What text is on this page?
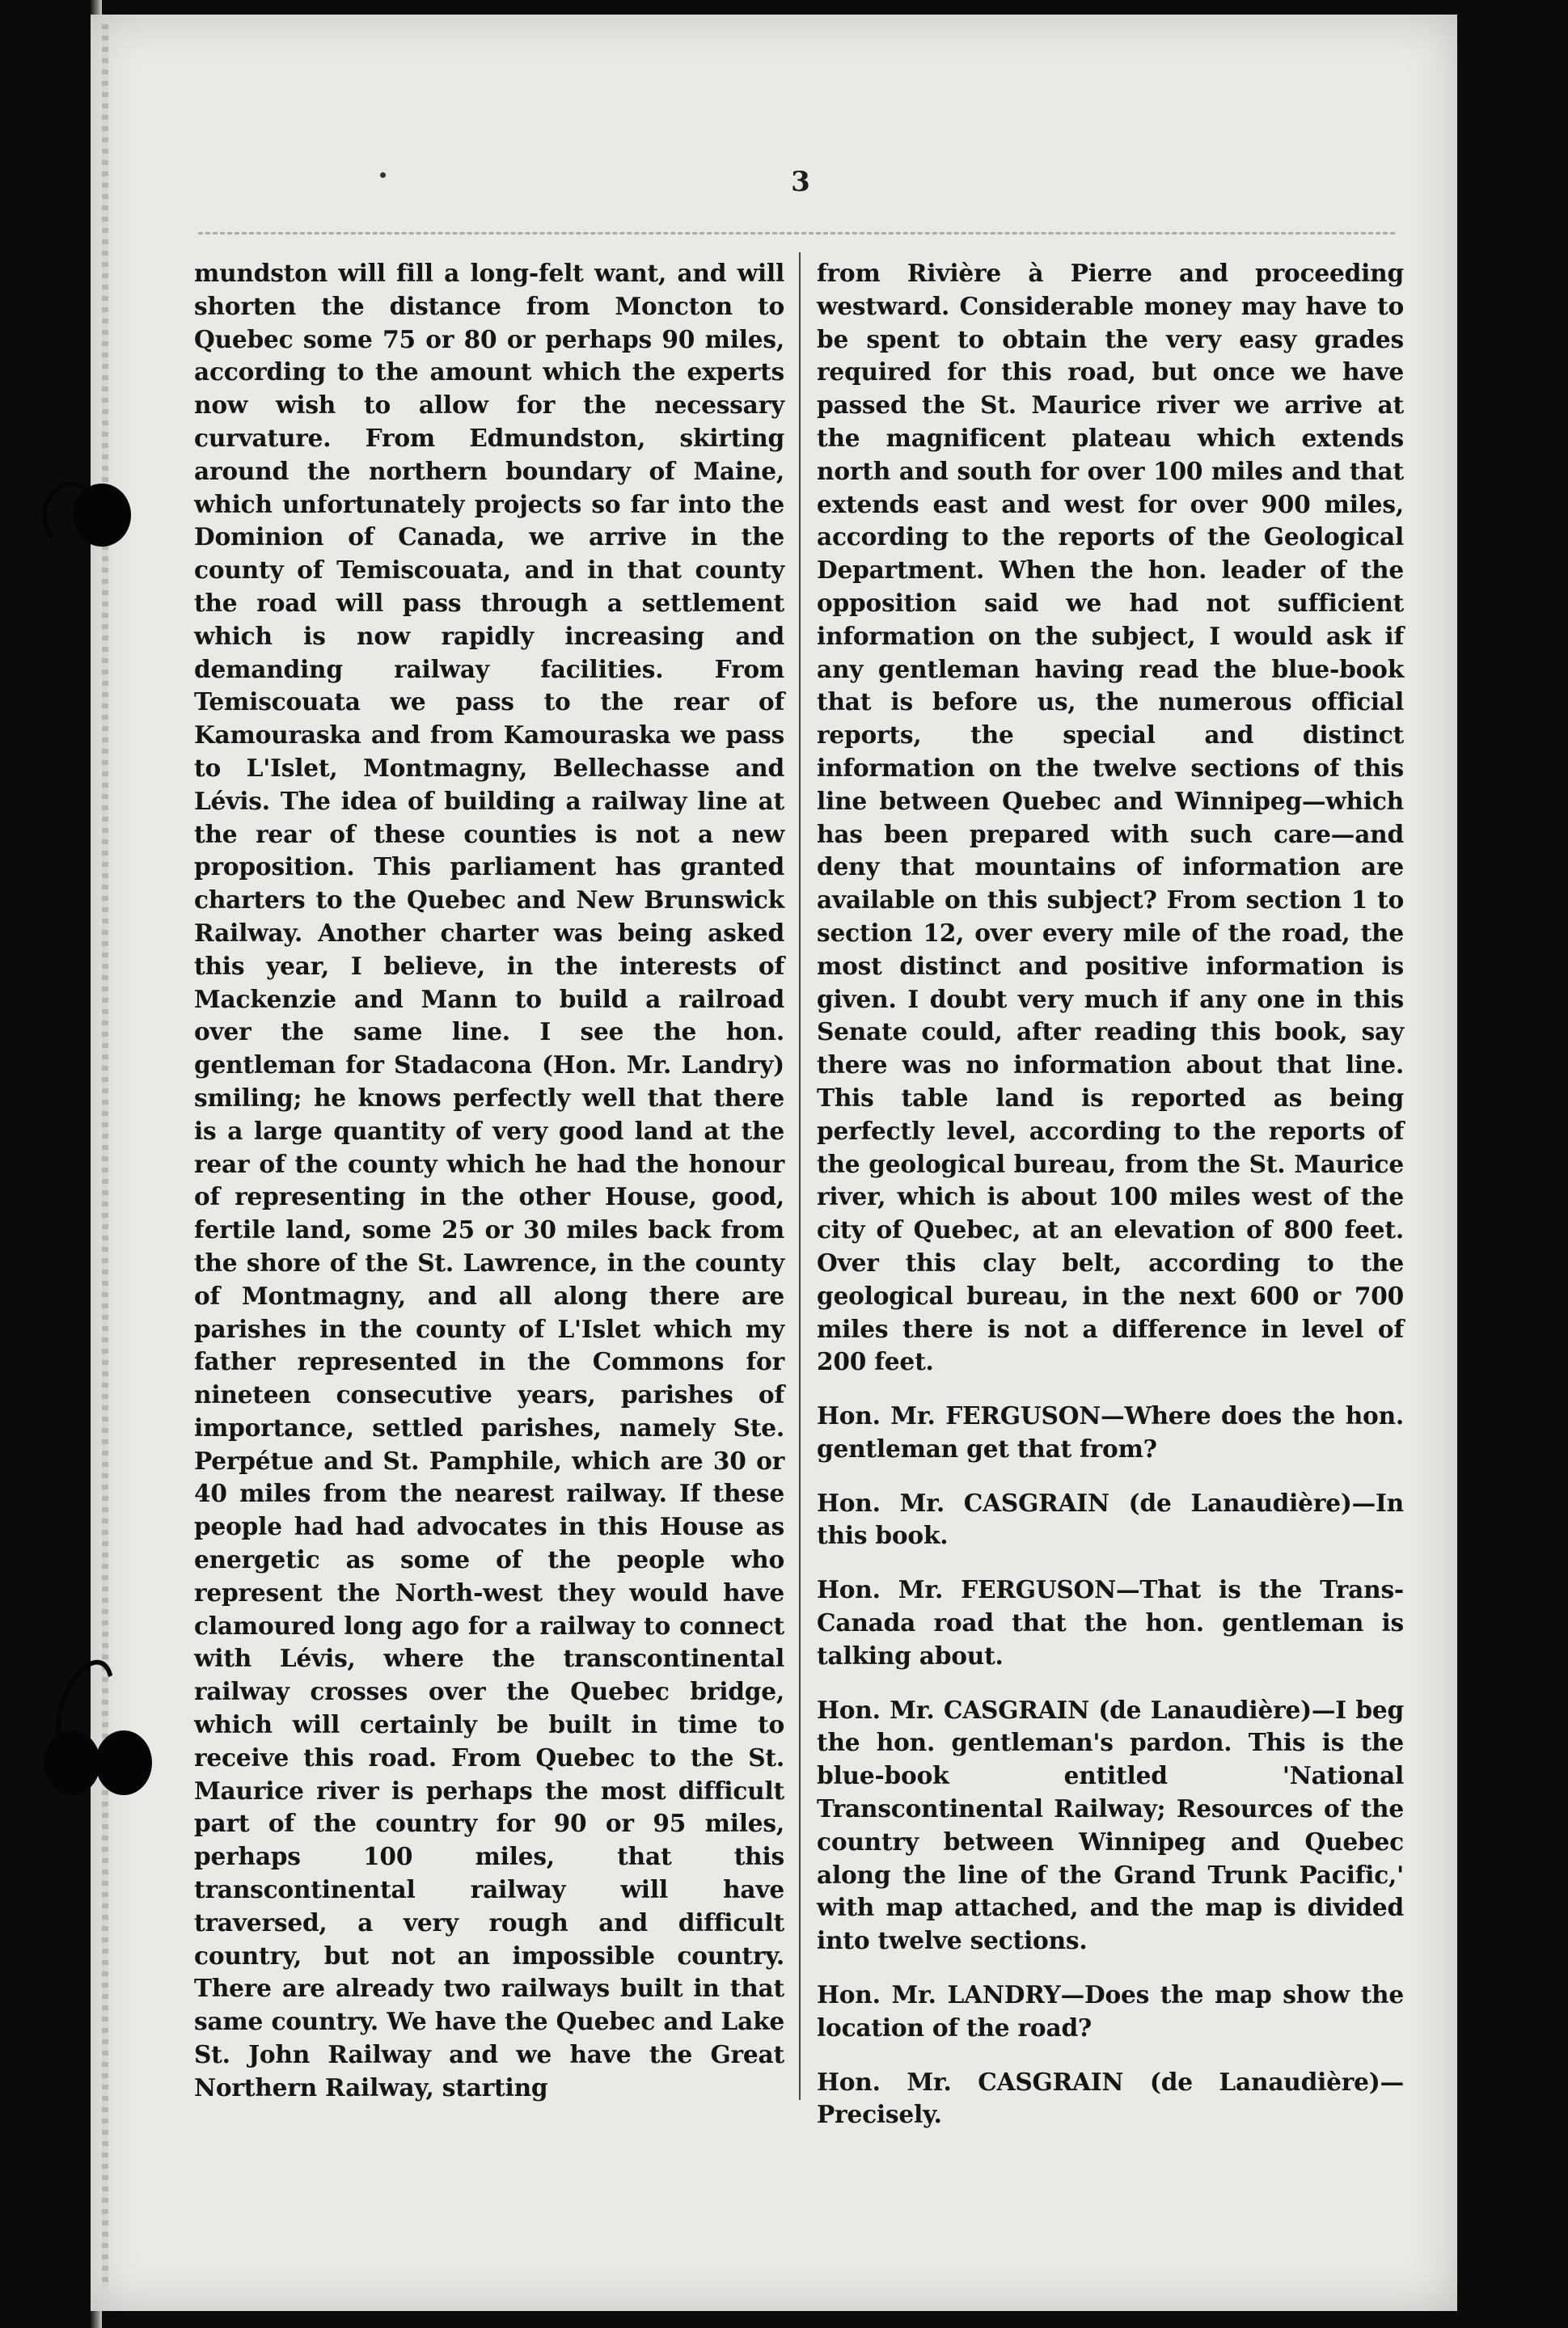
3

mundston will fill a long-felt want, and will shorten the distance from Moncton to Quebec some 75 or 80 or perhaps 90 miles, according to the amount which the experts now wish to allow for the necessary curvature. From Edmundston, skirting around the northern boundary of Maine, which unfortunately projects so far into the Dominion of Canada, we arrive in the county of Temiscouata, and in that county the road will pass through a settlement which is now rapidly increasing and demanding railway facilities. From Temiscouata we pass to the rear of Kamouraska and from Kamouraska we pass to L'Islet, Montmagny, Bellechasse and Lévis. The idea of building a railway line at the rear of these counties is not a new proposition. This parliament has granted charters to the Quebec and New Brunswick Railway. Another charter was being asked this year, I believe, in the interests of Mackenzie and Mann to build a railroad over the same line. I see the hon. gentleman for Stadacona (Hon. Mr. Landry) smiling; he knows perfectly well that there is a large quantity of very good land at the rear of the county which he had the honour of representing in the other House, good, fertile land, some 25 or 30 miles back from the shore of the St. Lawrence, in the county of Montmagny, and all along there are parishes in the county of L'Islet which my father represented in the Commons for nineteen consecutive years, parishes of importance, settled parishes, namely Ste. Perpétue and St. Pamphile, which are 30 or 40 miles from the nearest railway. If these people had had advocates in this House as energetic as some of the people who represent the North-west they would have clamoured long ago for a railway to connect with Lévis, where the transcontinental railway crosses over the Quebec bridge, which will certainly be built in time to receive this road. From Quebec to the St. Maurice river is perhaps the most difficult part of the country for 90 or 95 miles, perhaps 100 miles, that this transcontinental railway will have traversed, a very rough and difficult country, but not an impossible country. There are already two railways built in that same country. We have the Quebec and Lake St. John Railway and we have the Great Northern Railway, starting

from Rivière à Pierre and proceeding westward. Considerable money may have to be spent to obtain the very easy grades required for this road, but once we have passed the St. Maurice river we arrive at the magnificent plateau which extends north and south for over 100 miles and that extends east and west for over 900 miles, according to the reports of the Geological Department. When the hon. leader of the opposition said we had not sufficient information on the subject, I would ask if any gentleman having read the blue-book that is before us, the numerous official reports, the special and distinct information on the twelve sections of this line between Quebec and Winnipeg—which has been prepared with such care—and deny that mountains of information are available on this subject? From section 1 to section 12, over every mile of the road, the most distinct and positive information is given. I doubt very much if any one in this Senate could, after reading this book, say there was no information about that line. This table land is reported as being perfectly level, according to the reports of the geological bureau, from the St. Maurice river, which is about 100 miles west of the city of Quebec, at an elevation of 800 feet. Over this clay belt, according to the geological bureau, in the next 600 or 700 miles there is not a difference in level of 200 feet.

Hon. Mr. FERGUSON—Where does the hon. gentleman get that from?

Hon. Mr. CASGRAIN (de Lanaudière)—In this book.

Hon. Mr. FERGUSON—That is the Trans-Canada road that the hon. gentleman is talking about.

Hon. Mr. CASGRAIN (de Lanaudière)—I beg the hon. gentleman's pardon. This is the blue-book entitled 'National Transcontinental Railway; Resources of the country between Winnipeg and Quebec along the line of the Grand Trunk Pacific,' with map attached, and the map is divided into twelve sections.

Hon. Mr. LANDRY—Does the map show the location of the road?

Hon. Mr. CASGRAIN (de Lanaudière)—Precisely.
